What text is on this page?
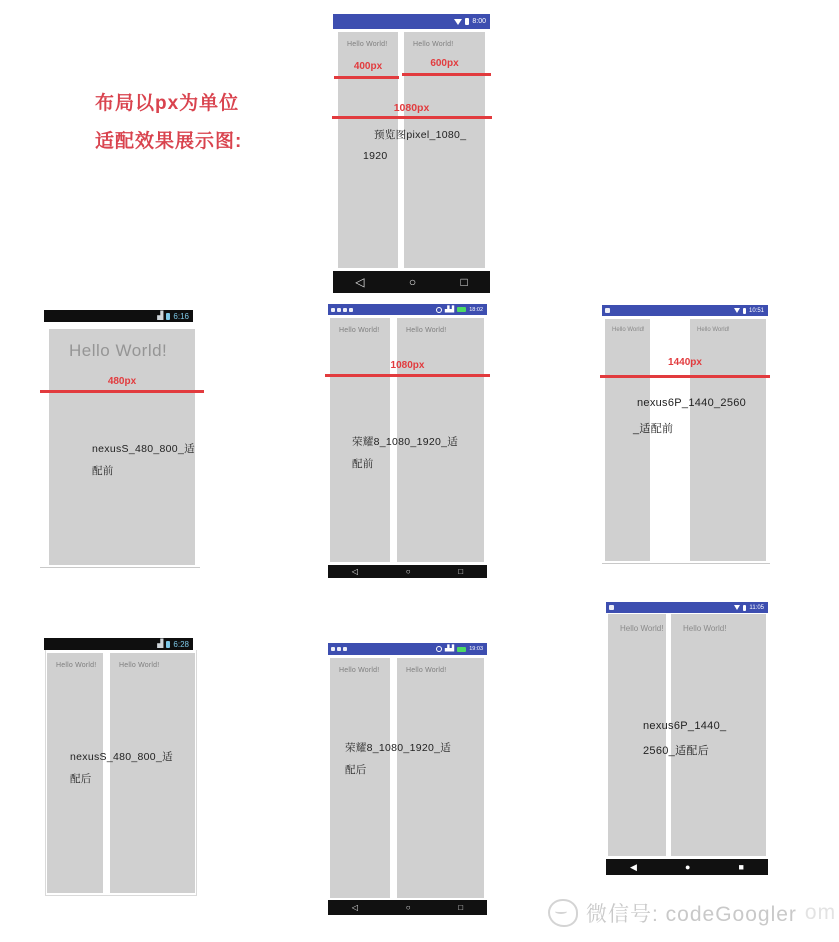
布局以px为单位
适配效果展示图:
8:00
Hello World!	Hello World!
400px	600px
1080px
预览图pixel_1080_
1920
◁	○	□
▟ 6:16
Hello World!
480px
nexusS_480_800_适
配前
▟▟	18:02
Hello World!	Hello World!
1080px
荣耀8_1080_1920_适
配前
◁	○	□
10:51
Hello World!	Hello World!
1440px
nexus6P_1440_2560
_适配前
▟ 6:28
Hello World!	Hello World!
nexusS_480_800_适
配后
▟▟	19:03
Hello World!	Hello World!
荣耀8_1080_1920_适
配后
◁	○	□
11:05
Hello World!	Hello World!
nexus6P_1440_
2560_适配后
◀	●	■
微信号: codeGoogler om
